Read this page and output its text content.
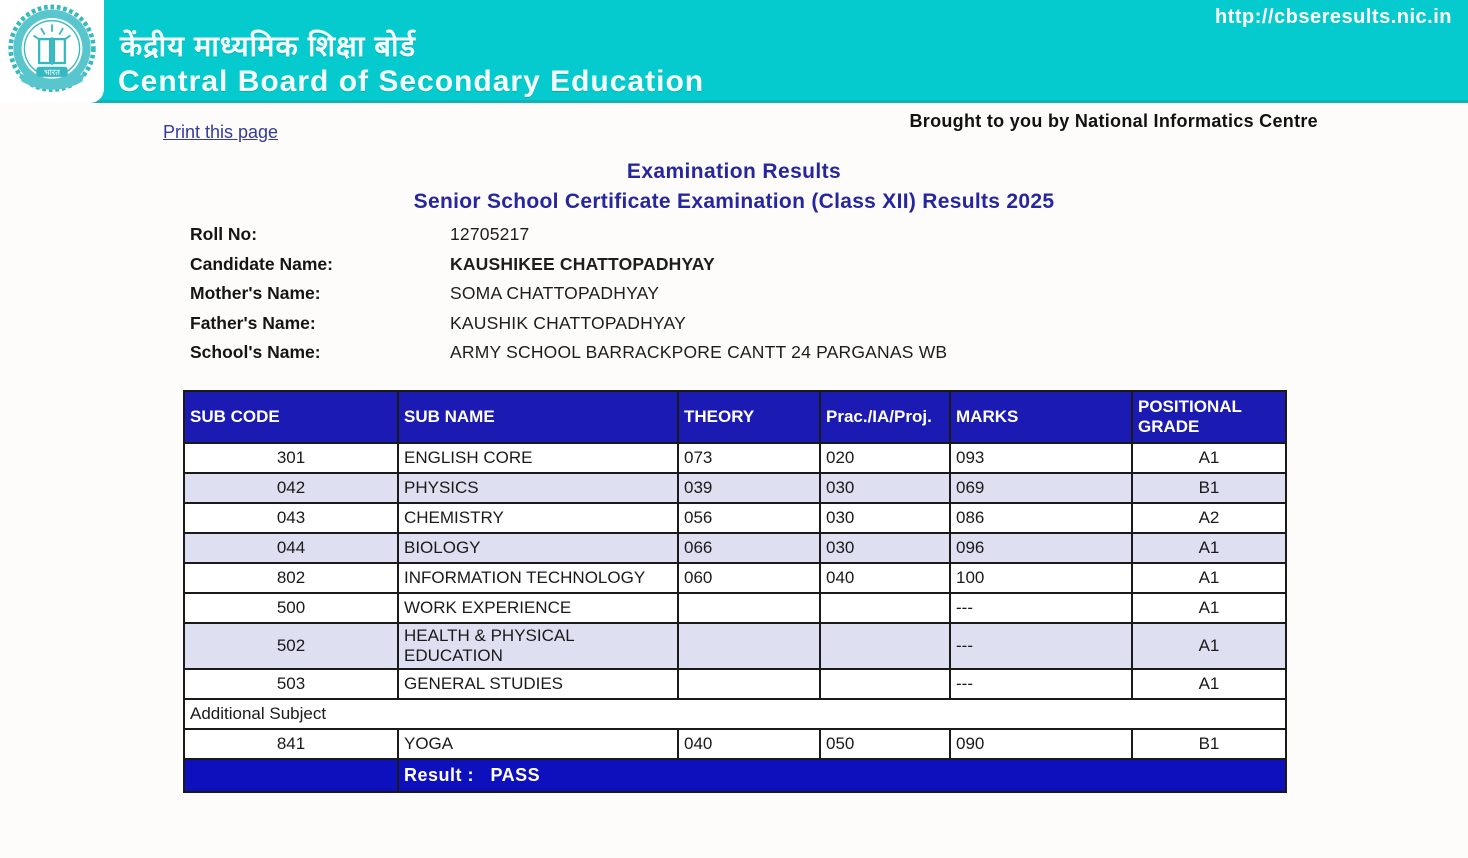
भारत
केंद्रीय माध्यमिक शिक्षा बोर्ड
Central Board of Secondary Education
http://cbseresults.nic.in
Print this page
Brought to you by National Informatics Centre
Examination Results
Senior School Certificate Examination (Class XII) Results 2025
Roll No:	12705217
Candidate Name:	KAUSHIKEE CHATTOPADHYAY
Mother's Name:	SOMA CHATTOPADHYAY
Father's Name:	KAUSHIK CHATTOPADHYAY
School's Name:	ARMY SCHOOL BARRACKPORE CANTT 24 PARGANAS WB
SUB CODE	SUB NAME	THEORY	Prac./IA/Proj.	MARKS	POSITIONAL GRADE
301	ENGLISH CORE	073	020	093	A1
042	PHYSICS	039	030	069	B1
043	CHEMISTRY	056	030	086	A2
044	BIOLOGY	066	030	096	A1
802	INFORMATION TECHNOLOGY	060	040	100	A1
500	WORK EXPERIENCE			---	A1
502	HEALTH & PHYSICAL EDUCATION			---	A1
503	GENERAL STUDIES			---	A1
Additional Subject					
841	YOGA	040	050	090	B1
	Result :   PASS				
